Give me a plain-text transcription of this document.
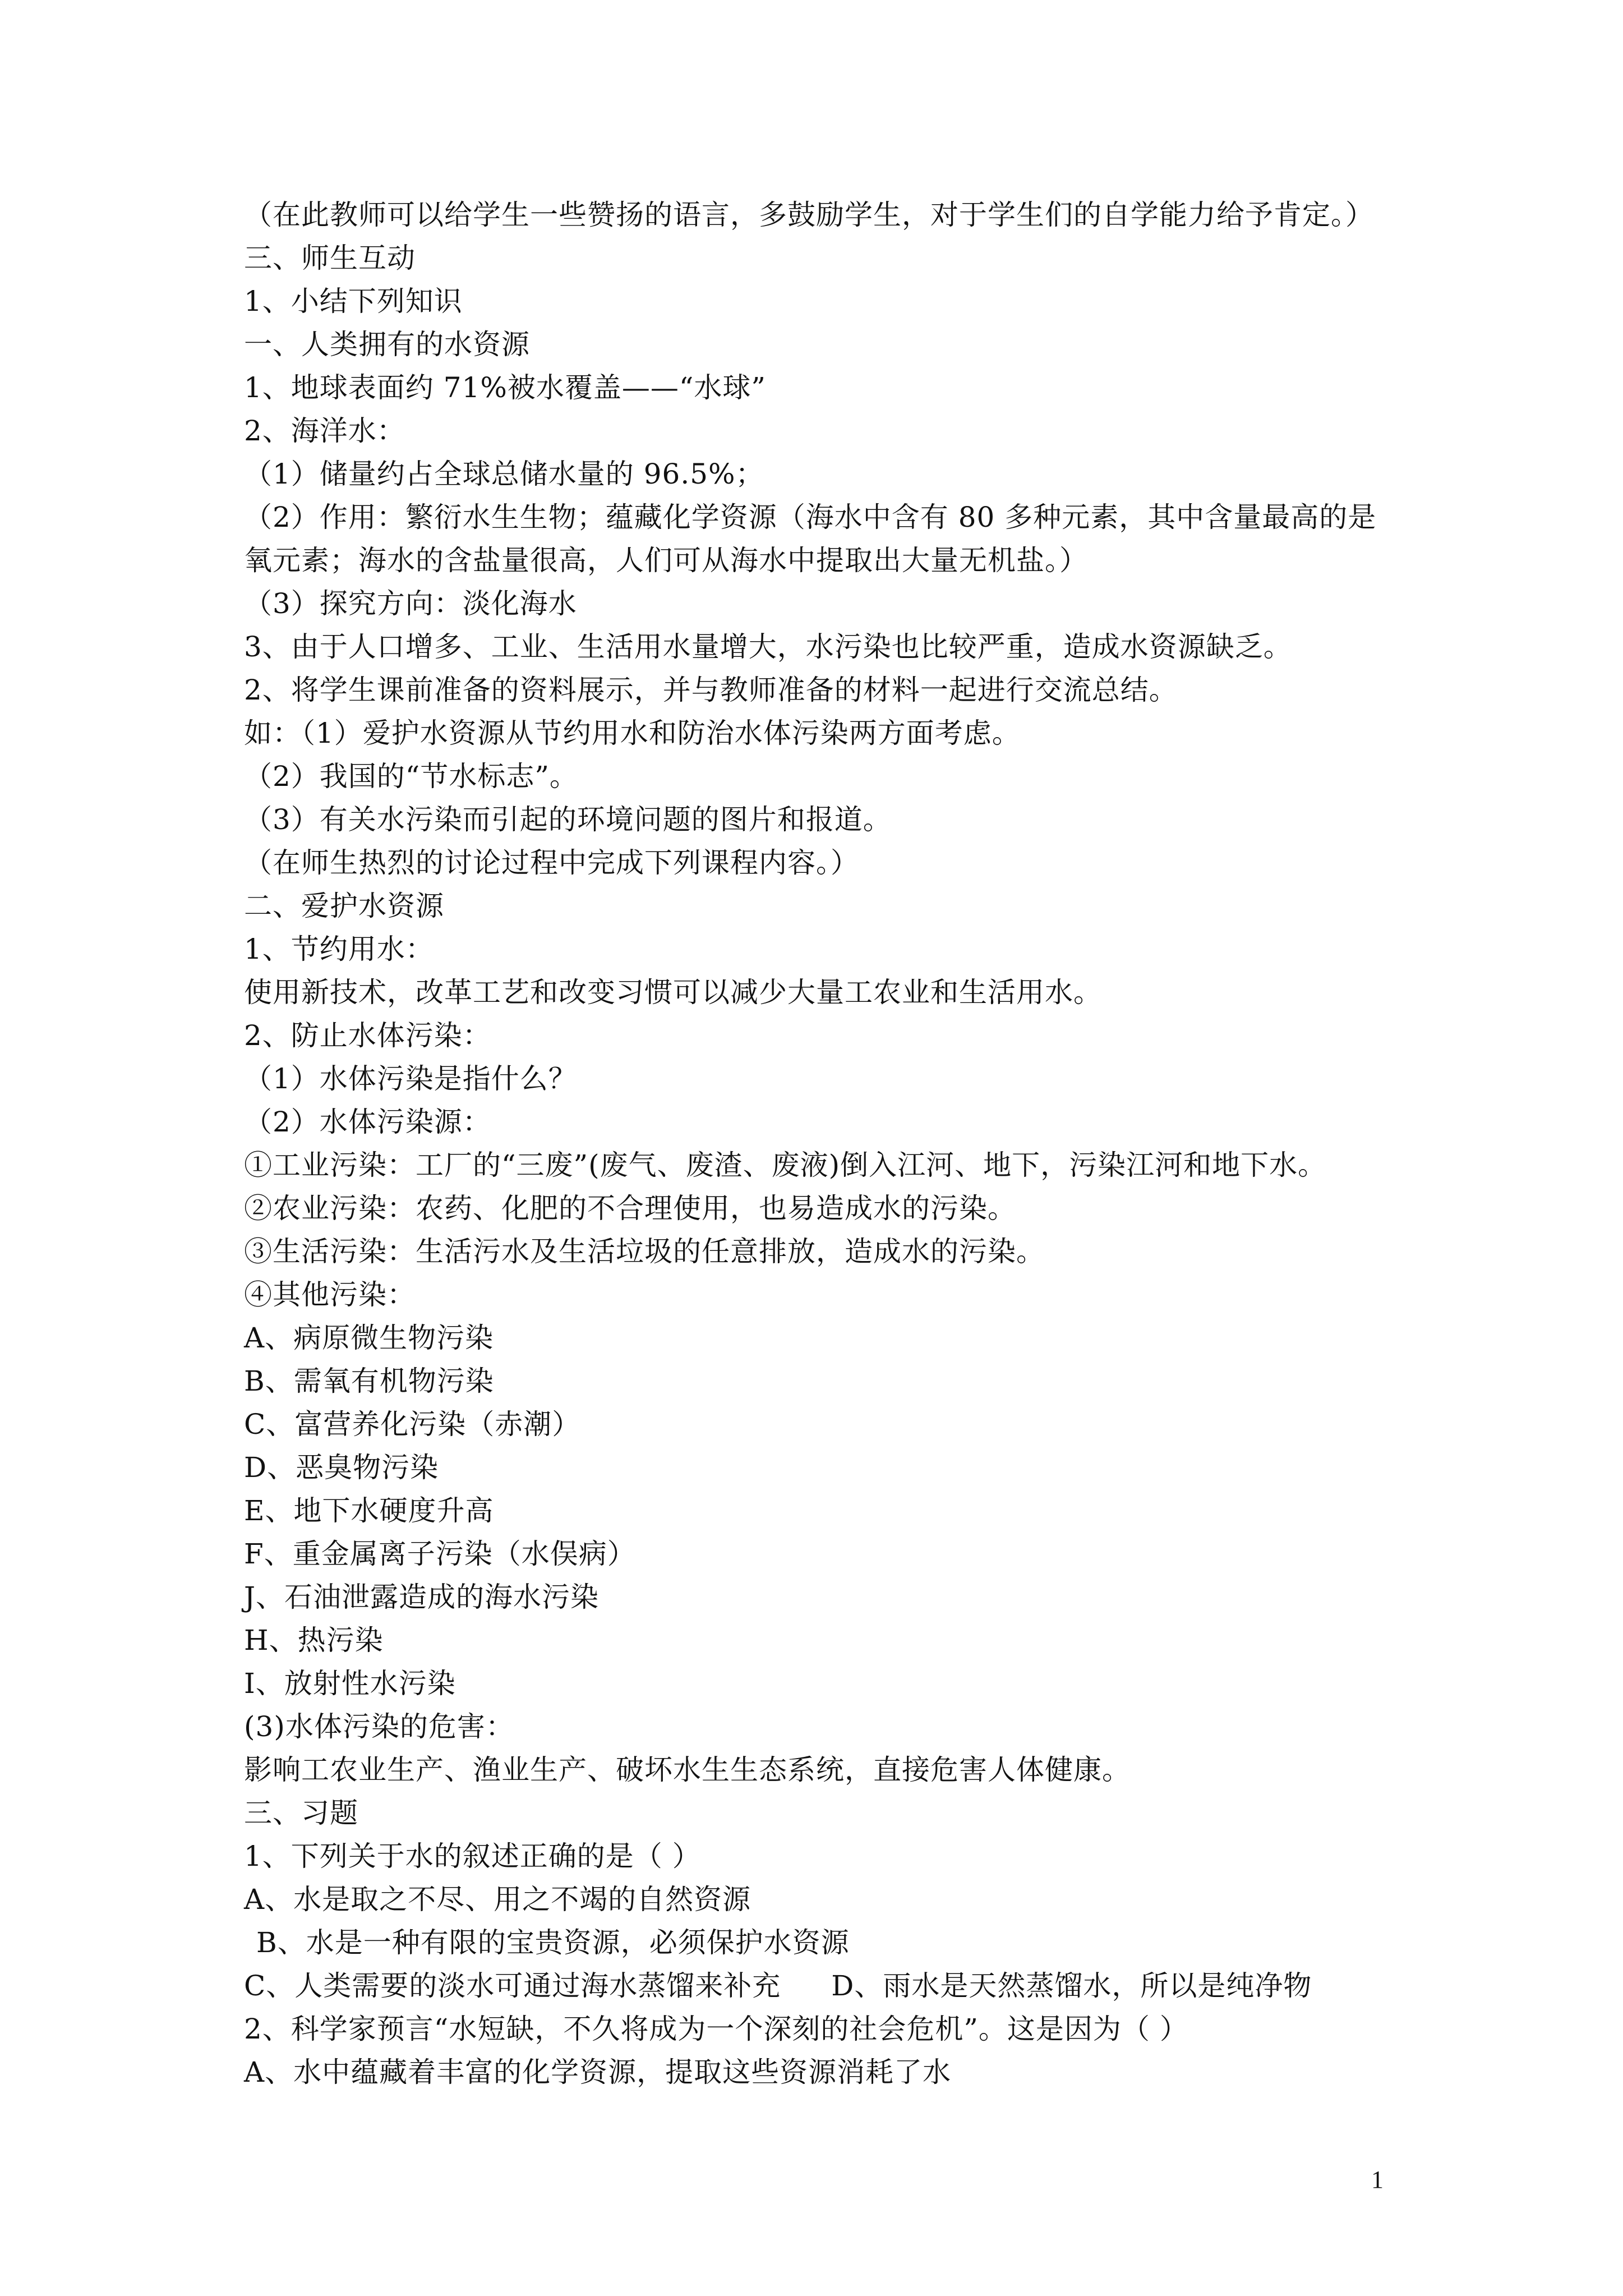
（在此教师可以给学生一些赞扬的语言，多鼓励学生，对于学生们的自学能力给予肯定。）
三、师生互动
1、小结下列知识
一、人类拥有的水资源
1、地球表面约 71%被水覆盖——“水球”
2、海洋水：
（1）储量约占全球总储水量的 96.5%；
（2）作用：繁衍水生生物；蕴藏化学资源（海水中含有 80 多种元素，其中含量最高的是
氧元素；海水的含盐量很高，人们可从海水中提取出大量无机盐。）
（3）探究方向：淡化海水
3、由于人口增多、工业、生活用水量增大，水污染也比较严重，造成水资源缺乏。
2、将学生课前准备的资料展示，并与教师准备的材料一起进行交流总结。
如：（1）爱护水资源从节约用水和防治水体污染两方面考虑。
（2）我国的“节水标志”。
（3）有关水污染而引起的环境问题的图片和报道。
（在师生热烈的讨论过程中完成下列课程内容。）
二、爱护水资源
1、节约用水：
使用新技术，改革工艺和改变习惯可以减少大量工农业和生活用水。
2、防止水体污染：
（1）水体污染是指什么？
（2）水体污染源：
①工业污染：工厂的“三废”(废气、废渣、废液)倒入江河、地下，污染江河和地下水。
②农业污染：农药、化肥的不合理使用，也易造成水的污染。
③生活污染：生活污水及生活垃圾的任意排放，造成水的污染。
④其他污染：
A、病原微生物污染
B、需氧有机物污染
C、富营养化污染（赤潮）
D、恶臭物污染
E、地下水硬度升高
F、重金属离子污染（水俣病）
J、石油泄露造成的海水污染
H、热污染
I、放射性水污染
(3)水体污染的危害：
影响工农业生产、渔业生产、破坏水生生态系统，直接危害人体健康。
三、习题
1、下列关于水的叙述正确的是（ ）
A、水是取之不尽、用之不竭的自然资源
B、水是一种有限的宝贵资源，必须保护水资源
C、人类需要的淡水可通过海水蒸馏来补充 D、雨水是天然蒸馏水，所以是纯净物
2、科学家预言“水短缺，不久将成为一个深刻的社会危机”。这是因为（ ）
A、水中蕴藏着丰富的化学资源，提取这些资源消耗了水
1
